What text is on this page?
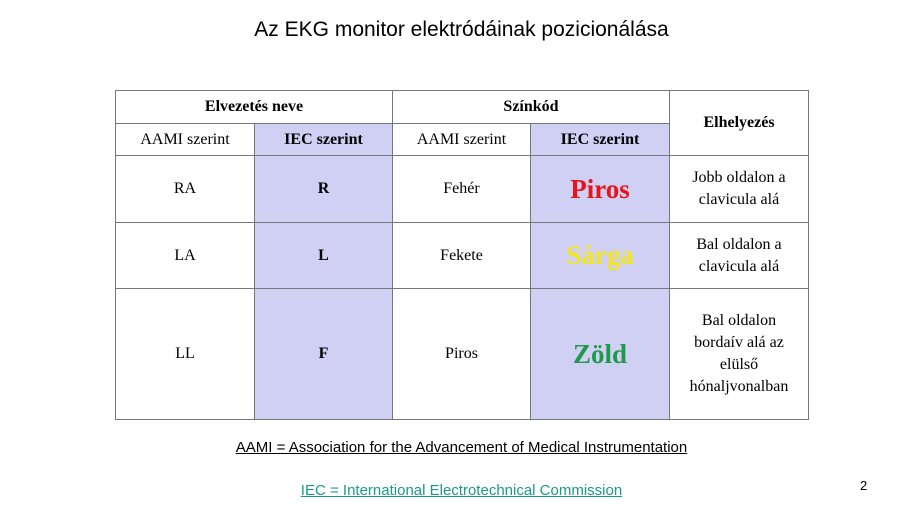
Az EKG monitor elektródáinak pozicionálása
Elvezetés neve		Színkód		Elhelyezés
AAMI szerint	IEC szerint	AAMI szerint	IEC szerint	
RA	R	Fehér	Piros	Jobb oldalon a
clavicula alá
LA	L	Fekete	Sárga	Bal oldalon a
clavicula alá
LL	F	Piros	Zöld	Bal oldalon
bordaív alá az
elülső
hónaljvonalban
AAMI = Association for the Advancement of Medical Instrumentation
IEC = International Electrotechnical Commission	2
